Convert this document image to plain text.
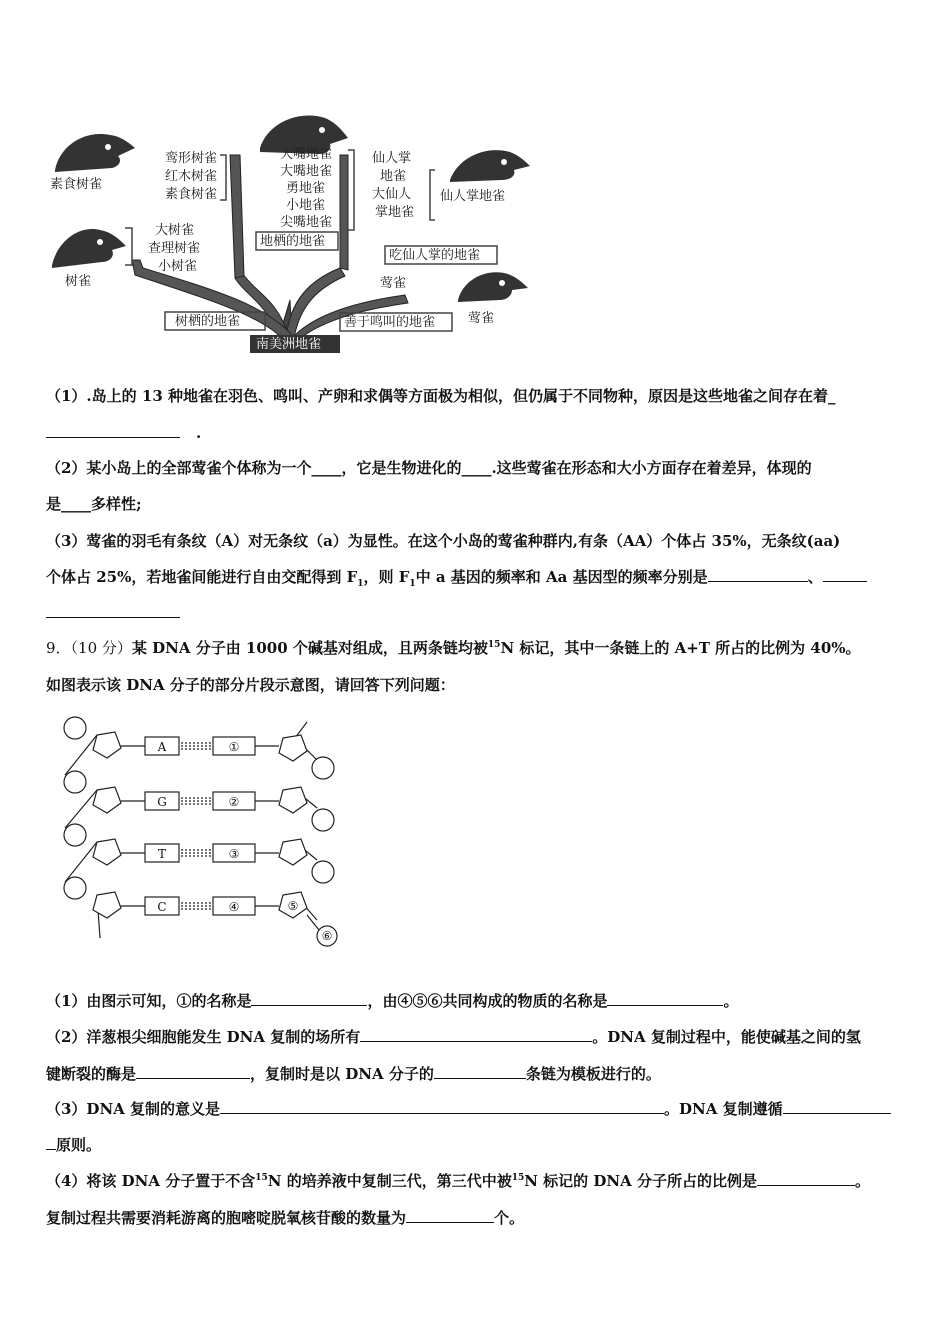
素食树雀
树雀
仙人掌地雀
莺雀
鸾形树雀
红木树雀
素食树雀
大树雀
查理树雀
小树雀
大嘴地雀
大嘴地雀
勇地雀
小地雀
尖嘴地雀
仙人掌
地雀
大仙人
掌地雀
莺雀
地栖的地雀
吃仙人掌的地雀
树栖的地雀	善于鸣叫的地雀
南美洲地雀
（1）.岛上的 13 种地雀在羽色、鸣叫、产卵和求偶等方面极为相似，但仍属于不同物种，原因是这些地雀之间存在着_
.
（2）某小岛上的全部莺雀个体称为一个____，它是生物进化的____.这些莺雀在形态和大小方面存在着差异，体现的
是____多样性;
（3）莺雀的羽毛有条纹（A）对无条纹（a）为显性。在这个小岛的莺雀种群内,有条（AA）个体占 35%，无条纹(aa)
个体占 25%，若地雀间能进行自由交配得到 $F_1$，则 $F_1$中 a 基因的频率和 Aa 基因型的频率分别是	、
9．（10 分）某 DNA 分子由 1000 个碱基对组成，且两条链均被$^{15}$N 标记，其中一条链上的 A+T 所占的比例为 40%。
如图表示该 DNA 分子的部分片段示意图，请回答下列问题：
A
G
T
C
①
②
③
④	⑤
⑥
（1）由图示可知，①的名称是	，由④⑤⑥共同构成的物质的名称是	。
（2）洋葱根尖细胞能发生 DNA 复制的场所有	。DNA 复制过程中，能使碱基之间的氢
键断裂的酶是	，复制时是以 DNA 分子的	条链为模板进行的。
（3）DNA 复制的意义是	。DNA 复制遵循
原则。
（4）将该 DNA 分子置于不含$^{15}$N 的培养液中复制三代，第三代中被$^{15}$N 标记的 DNA 分子所占的比例是	。
复制过程共需要消耗游离的胞嘧啶脱氧核苷酸的数量为	个。
